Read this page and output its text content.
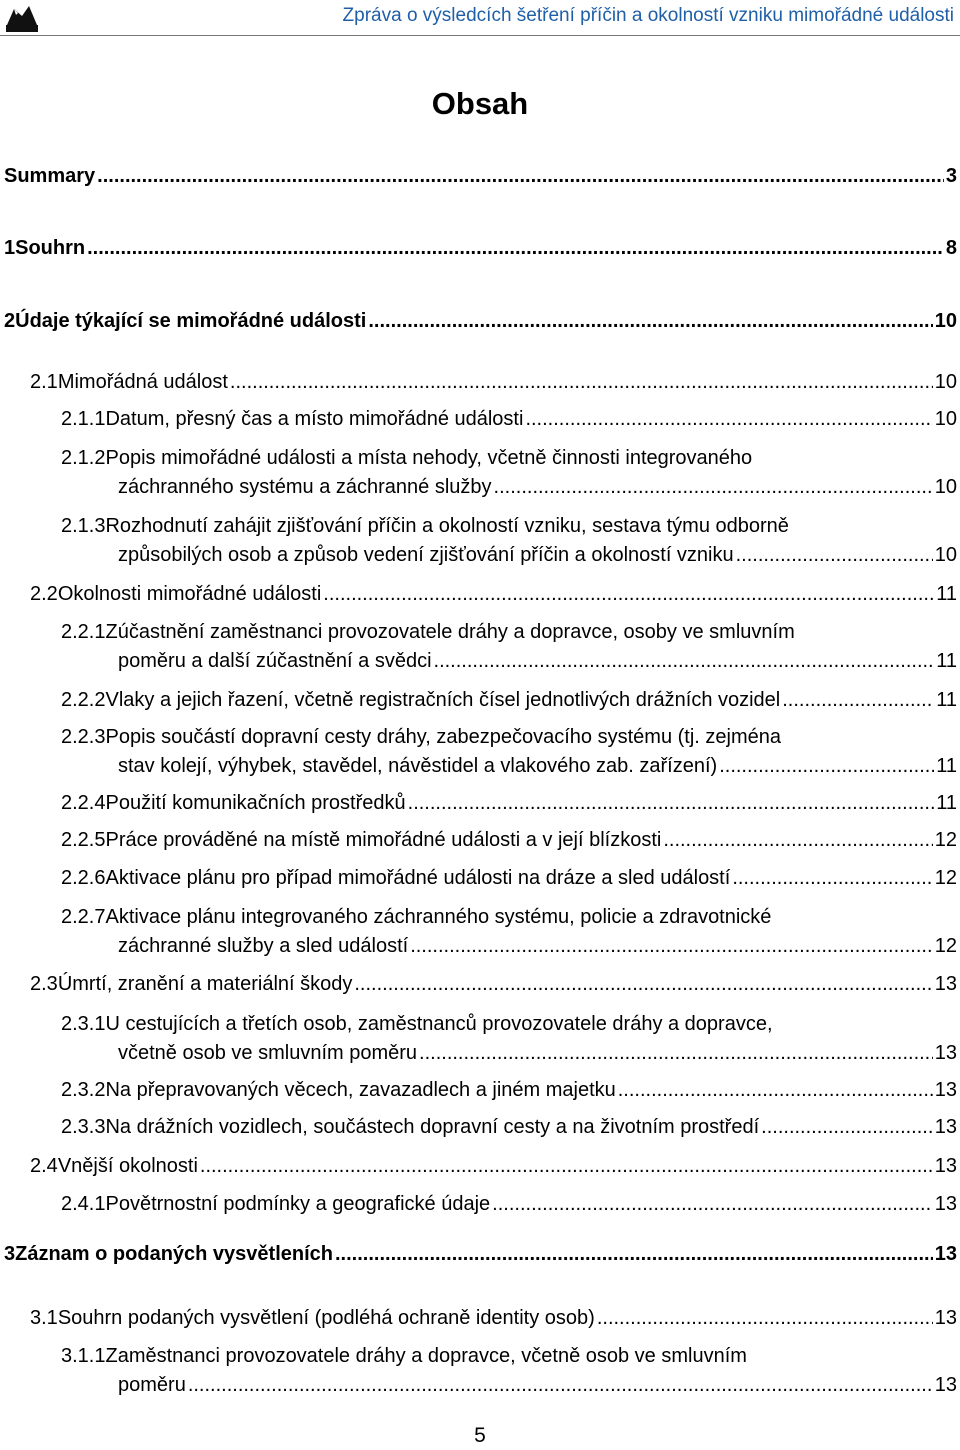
Zpráva o výsledcích šetření příčin a okolností vzniku mimořádné události
Obsah
Summary .....	3
1 Souhrn .....	8
2 Údaje týkající se mimořádné události .....	10
2.1 Mimořádná událost .....	10
2.1.1 Datum, přesný čas a místo mimořádné události .....	10
2.1.2 Popis mimořádné události a místa nehody, včetně činnosti integrovaného
záchranného systému a záchranné služby .....	10
2.1.3 Rozhodnutí zahájit zjišťování příčin a okolností vzniku, sestava týmu odborně
způsobilých osob a způsob vedení zjišťování příčin a okolností vzniku .....	10
2.2 Okolnosti mimořádné události .....	11
2.2.1 Zúčastnění zaměstnanci provozovatele dráhy a dopravce, osoby ve smluvním
poměru a další zúčastnění a svědci .....	11
2.2.2 Vlaky a jejich řazení, včetně registračních čísel jednotlivých drážních vozidel .....	11
2.2.3 Popis součástí dopravní cesty dráhy, zabezpečovacího systému (tj. zejména
stav kolejí, výhybek, stavědel, návěstidel a vlakového zab. zařízení) .....	11
2.2.4 Použití komunikačních prostředků .....	11
2.2.5 Práce prováděné na místě mimořádné události a v její blízkosti .....	12
2.2.6 Aktivace plánu pro případ mimořádné události na dráze a sled událostí .....	12
2.2.7 Aktivace plánu integrovaného záchranného systému, policie a zdravotnické
záchranné služby a sled událostí .....	12
2.3 Úmrtí, zranění a materiální škody .....	13
2.3.1 U cestujících a třetích osob, zaměstnanců provozovatele dráhy a dopravce,
včetně osob ve smluvním poměru .....	13
2.3.2 Na přepravovaných věcech, zavazadlech a jiném majetku .....	13
2.3.3 Na drážních vozidlech, součástech dopravní cesty a na životním prostředí .....	13
2.4 Vnější okolnosti .....	13
2.4.1 Povětrnostní podmínky a geografické údaje .....	13
3 Záznam o podaných vysvětleních .....	13
3.1 Souhrn podaných vysvětlení (podléhá ochraně identity osob) .....	13
3.1.1 Zaměstnanci provozovatele dráhy a dopravce, včetně osob ve smluvním
poměru .....	13
5
